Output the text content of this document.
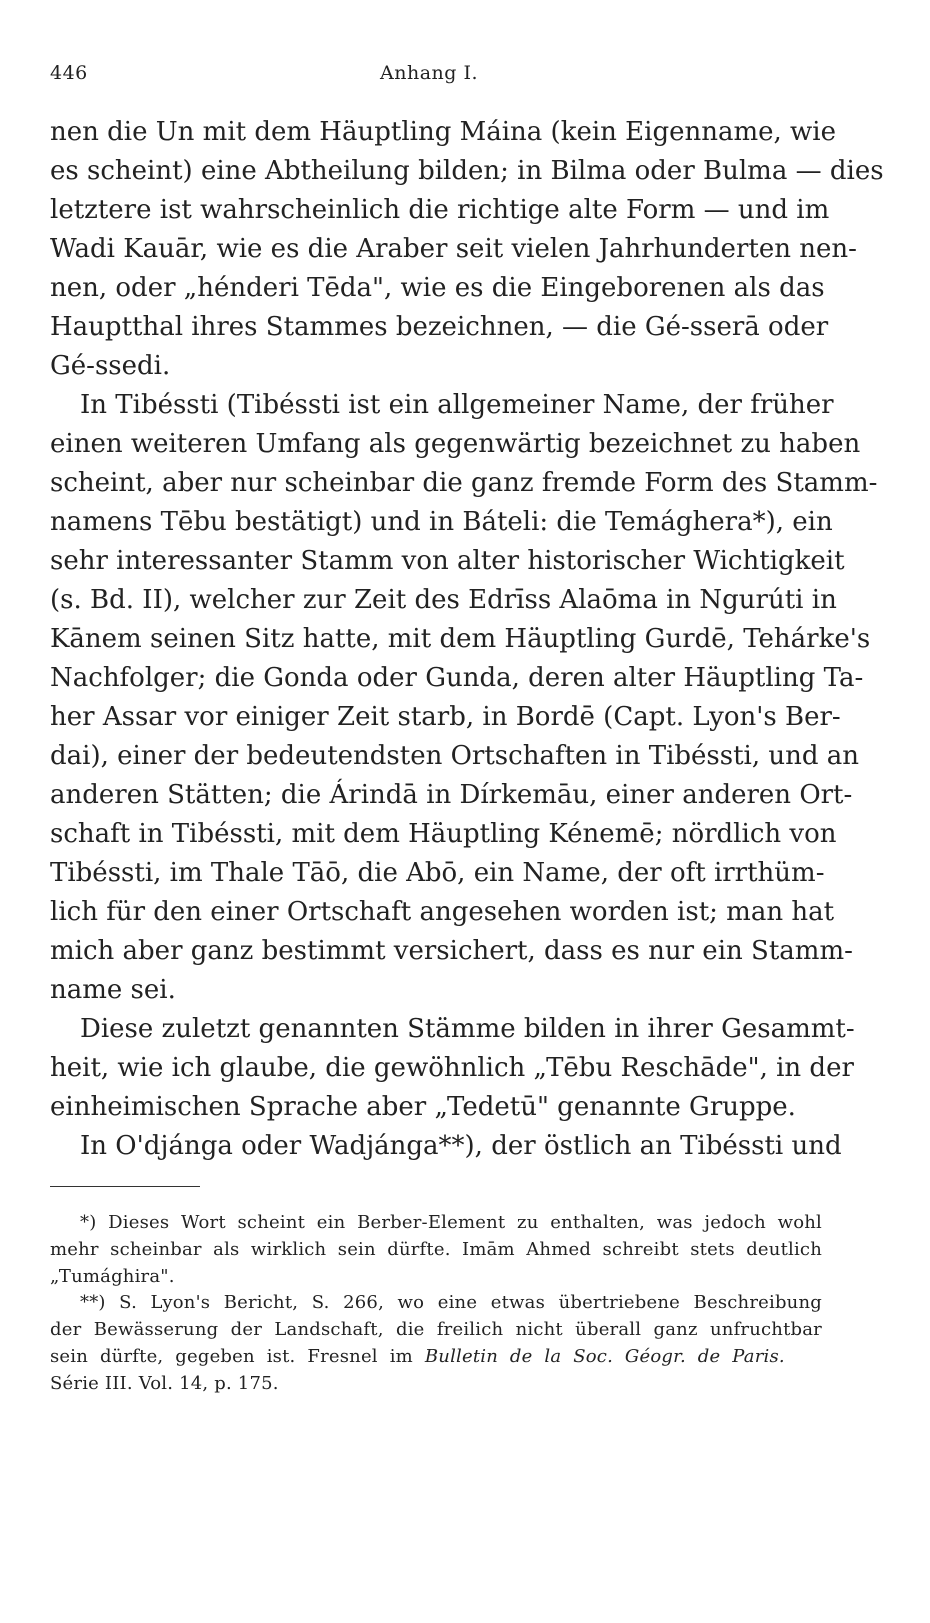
446	Anhang I.
nen die Un mit dem Häuptling Máina (kein Eigenname, wie
es scheint) eine Abtheilung bilden; in Bilma oder Bulma — dies
letztere ist wahrscheinlich die richtige alte Form — und im
Wadi Kauār, wie es die Araber seit vielen Jahrhunderten nen-
nen, oder „hénderi Tēda", wie es die Eingeborenen als das
Hauptthal ihres Stammes bezeichnen, — die Gé-sserā oder
Gé-ssedi.
In Tibéssti (Tibéssti ist ein allgemeiner Name, der früher
einen weiteren Umfang als gegenwärtig bezeichnet zu haben
scheint, aber nur scheinbar die ganz fremde Form des Stamm-
namens Tēbu bestätigt) und in Báteli: die Temághera*), ein
sehr interessanter Stamm von alter historischer Wichtigkeit
(s. Bd. II), welcher zur Zeit des Edrīss Alaōma in Ngurúti in
Kānem seinen Sitz hatte, mit dem Häuptling Gurdē, Tehárke's
Nachfolger; die Gonda oder Gunda, deren alter Häuptling Ta-
her Assar vor einiger Zeit starb, in Bordē (Capt. Lyon's Ber-
dai), einer der bedeutendsten Ortschaften in Tibéssti, und an
anderen Stätten; die Árindā in Dírkemāu, einer anderen Ort-
schaft in Tibéssti, mit dem Häuptling Kénemē; nördlich von
Tibéssti, im Thale Tāō, die Abō, ein Name, der oft irrthüm-
lich für den einer Ortschaft angesehen worden ist; man hat
mich aber ganz bestimmt versichert, dass es nur ein Stamm-
name sei.
Diese zuletzt genannten Stämme bilden in ihrer Gesammt-
heit, wie ich glaube, die gewöhnlich „Tēbu Reschāde", in der
einheimischen Sprache aber „Tedetū" genannte Gruppe.
In O'djánga oder Wadjánga**), der östlich an Tibéssti und
*) Dieses Wort scheint ein Berber-Element zu enthalten, was jedoch wohl
mehr scheinbar als wirklich sein dürfte. Imām Ahmed schreibt stets deutlich
„Tumághira".
**) S. Lyon's Bericht, S. 266, wo eine etwas übertriebene Beschreibung
der Bewässerung der Landschaft, die freilich nicht überall ganz unfruchtbar
sein dürfte, gegeben ist. Fresnel im Bulletin de la Soc. Géogr. de Paris.
Série III. Vol. 14, p. 175.
